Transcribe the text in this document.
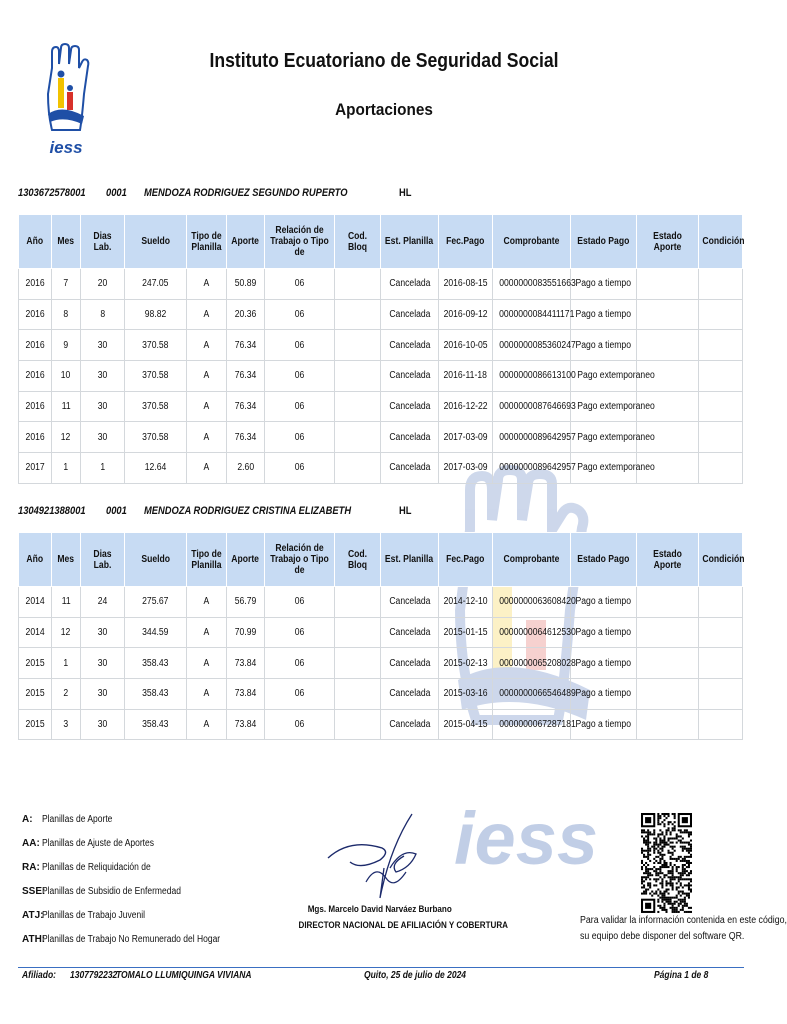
iess
Instituto Ecuatoriano de Seguridad Social
Aportaciones
1303672578001 0001 MENDOZA RODRIGUEZ SEGUNDO RUPERTO	HL
Año	Mes	Dias Lab.	Sueldo	Tipo de Planilla	Aporte	Relación de Trabajo o Tipo de	Cod. Bloq	Est. Planilla	Fec.Pago	Comprobante	Estado Pago	Estado Aporte	Condición
2016	7	20	247.05	A	50.89	06		Cancelada	2016-08-15	0000000083551663	Pago a tiempo		
2016	8	8	98.82	A	20.36	06		Cancelada	2016-09-12	0000000084411171	Pago a tiempo		
2016	9	30	370.58	A	76.34	06		Cancelada	2016-10-05	0000000085360247	Pago a tiempo		
2016	10	30	370.58	A	76.34	06		Cancelada	2016-11-18	0000000086613100	Pago extemporaneo		
2016	11	30	370.58	A	76.34	06		Cancelada	2016-12-22	0000000087646693	Pago extemporaneo		
2016	12	30	370.58	A	76.34	06		Cancelada	2017-03-09	0000000089642957	Pago extemporaneo		
2017	1	1	12.64	A	2.60	06		Cancelada	2017-03-09	0000000089642957	Pago extemporaneo		
1304921388001 0001 MENDOZA RODRIGUEZ CRISTINA ELIZABETH	HL
Año	Mes	Dias Lab.	Sueldo	Tipo de Planilla	Aporte	Relación de Trabajo o Tipo de	Cod. Bloq	Est. Planilla	Fec.Pago	Comprobante	Estado Pago	Estado Aporte	Condición
2014	11	24	275.67	A	56.79	06		Cancelada	2014-12-10	0000000063608420	Pago a tiempo		
2014	12	30	344.59	A	70.99	06		Cancelada	2015-01-15	0000000064612530	Pago a tiempo		
2015	1	30	358.43	A	73.84	06		Cancelada	2015-02-13	0000000065208028	Pago a tiempo		
2015	2	30	358.43	A	73.84	06		Cancelada	2015-03-16	0000000066546489	Pago a tiempo		
2015	3	30	358.43	A	73.84	06		Cancelada	2015-04-15	0000000067287181	Pago a tiempo		
A: Planillas de Aporte
AA: Planillas de Ajuste de Aportes
RA: Planillas de Reliquidación de
SSE:
Planillas de Subsidio de Enfermedad
ATJ:
Planillas de Trabajo Juvenil
ATH:
Planillas de Trabajo No Remunerado del Hogar
Mgs. Marcelo David Narváez Burbano
DIRECTOR NACIONAL DE AFILIACIÓN Y COBERTURA
iess
Para validar la información contenida en este código,
su equipo debe disponer del software QR.
Afiliado: 1307792232
TOMALO LLUMIQUINGA VIVIANA	Quito, 25 de julio de 2024	Página 1 de 8
